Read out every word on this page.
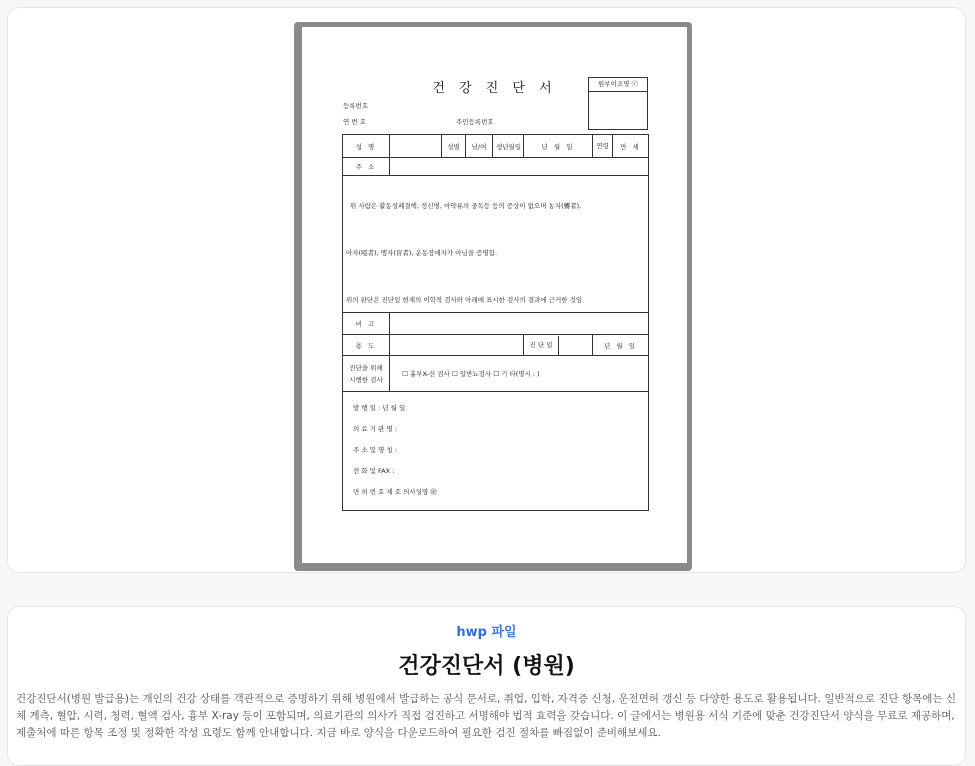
건 강 진 단 서	원부이조명 ⓒ
등록번호
연 번 호	주민등록번호
성 명		성별	남/여	생년월일	년 월 일	연령	만 세
주 소							

위 사람은 활동성폐결핵, 정신병, 마약류의 중독등 등의 증상이 없으며 농자(聾者),

아자(啞者), 맹자(盲者), 운동장애자가 아님을 증명함.

위의 판단은 진단일 현재의 이학적 검사와 아래에 표시한 검사의 결과에 근거한 것임							

비 고							
용 도					진 단 일	년 월 일	
진단을 위해
시행한 검사	☐ 흉부X-선 검사 ☐ 일반뇨검사 ☐ 기 타(명시 : )						

발 행 일 : 년 월 일

의 료 기 관 명 :

주 소 및 명 칭 :

전 화 및 FAX :

면 허 번 호 제 호 의사성명 ㊞							

hwp 파일
건강진단서 (병원)
건강진단서(병원 발급용)는 개인의 건강 상태를 객관적으로 증명하기 위해 병원에서 발급하는 공식 문서로, 취업, 입학, 자격증 신청, 운전면허 갱신 등 다양한 용도로 활용됩니다. 일반적으로 진단 항목에는 신체 계측, 혈압, 시력, 청력, 혈액 검사, 흉부 X-ray 등이 포함되며, 의료기관의 의사가 직접 검진하고 서명해야 법적 효력을 갖습니다. 이 글에서는 병원용 서식 기준에 맞춘 건강진단서 양식을 무료로 제공하며, 제출처에 따른 항목 조정 및 정확한 작성 요령도 함께 안내합니다. 지금 바로 양식을 다운로드하여 필요한 검진 절차를 빠짐없이 준비해보세요.
